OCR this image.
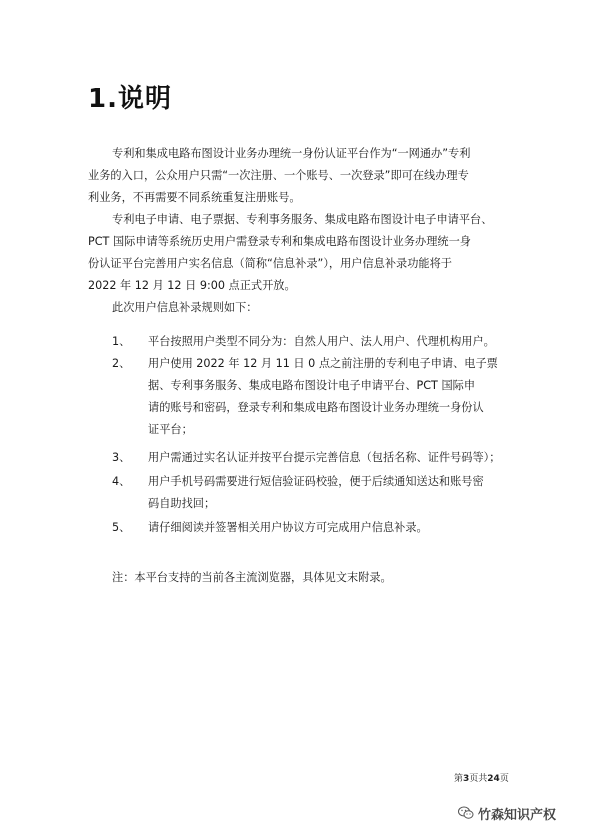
1.说明
专利和集成电路布图设计业务办理统一身份认证平台作为“一网通办”专利
业务的入口，公众用户只需“一次注册、一个账号、一次登录”即可在线办理专
利业务，不再需要不同系统重复注册账号。
专利电子申请、电子票据、专利事务服务、集成电路布图设计电子申请平台、
PCT 国际申请等系统历史用户需登录专利和集成电路布图设计业务办理统一身
份认证平台完善用户实名信息（简称“信息补录”），用户信息补录功能将于
2022 年 12 月 12 日 9:00 点正式开放。
此次用户信息补录规则如下：
1、 平台按照用户类型不同分为：自然人用户、法人用户、代理机构用户。
2、 用户使用 2022 年 12 月 11 日 0 点之前注册的专利电子申请、电子票
据、专利事务服务、集成电路布图设计电子申请平台、PCT 国际申
请的账号和密码，登录专利和集成电路布图设计业务办理统一身份认
证平台；
3、 用户需通过实名认证并按平台提示完善信息（包括名称、证件号码等）；
4、 用户手机号码需要进行短信验证码校验，便于后续通知送达和账号密
码自助找回；
5、 请仔细阅读并签署相关用户协议方可完成用户信息补录。

注：本平台支持的当前各主流浏览器，具体见文末附录。

第3页共24页
竹森知识产权
